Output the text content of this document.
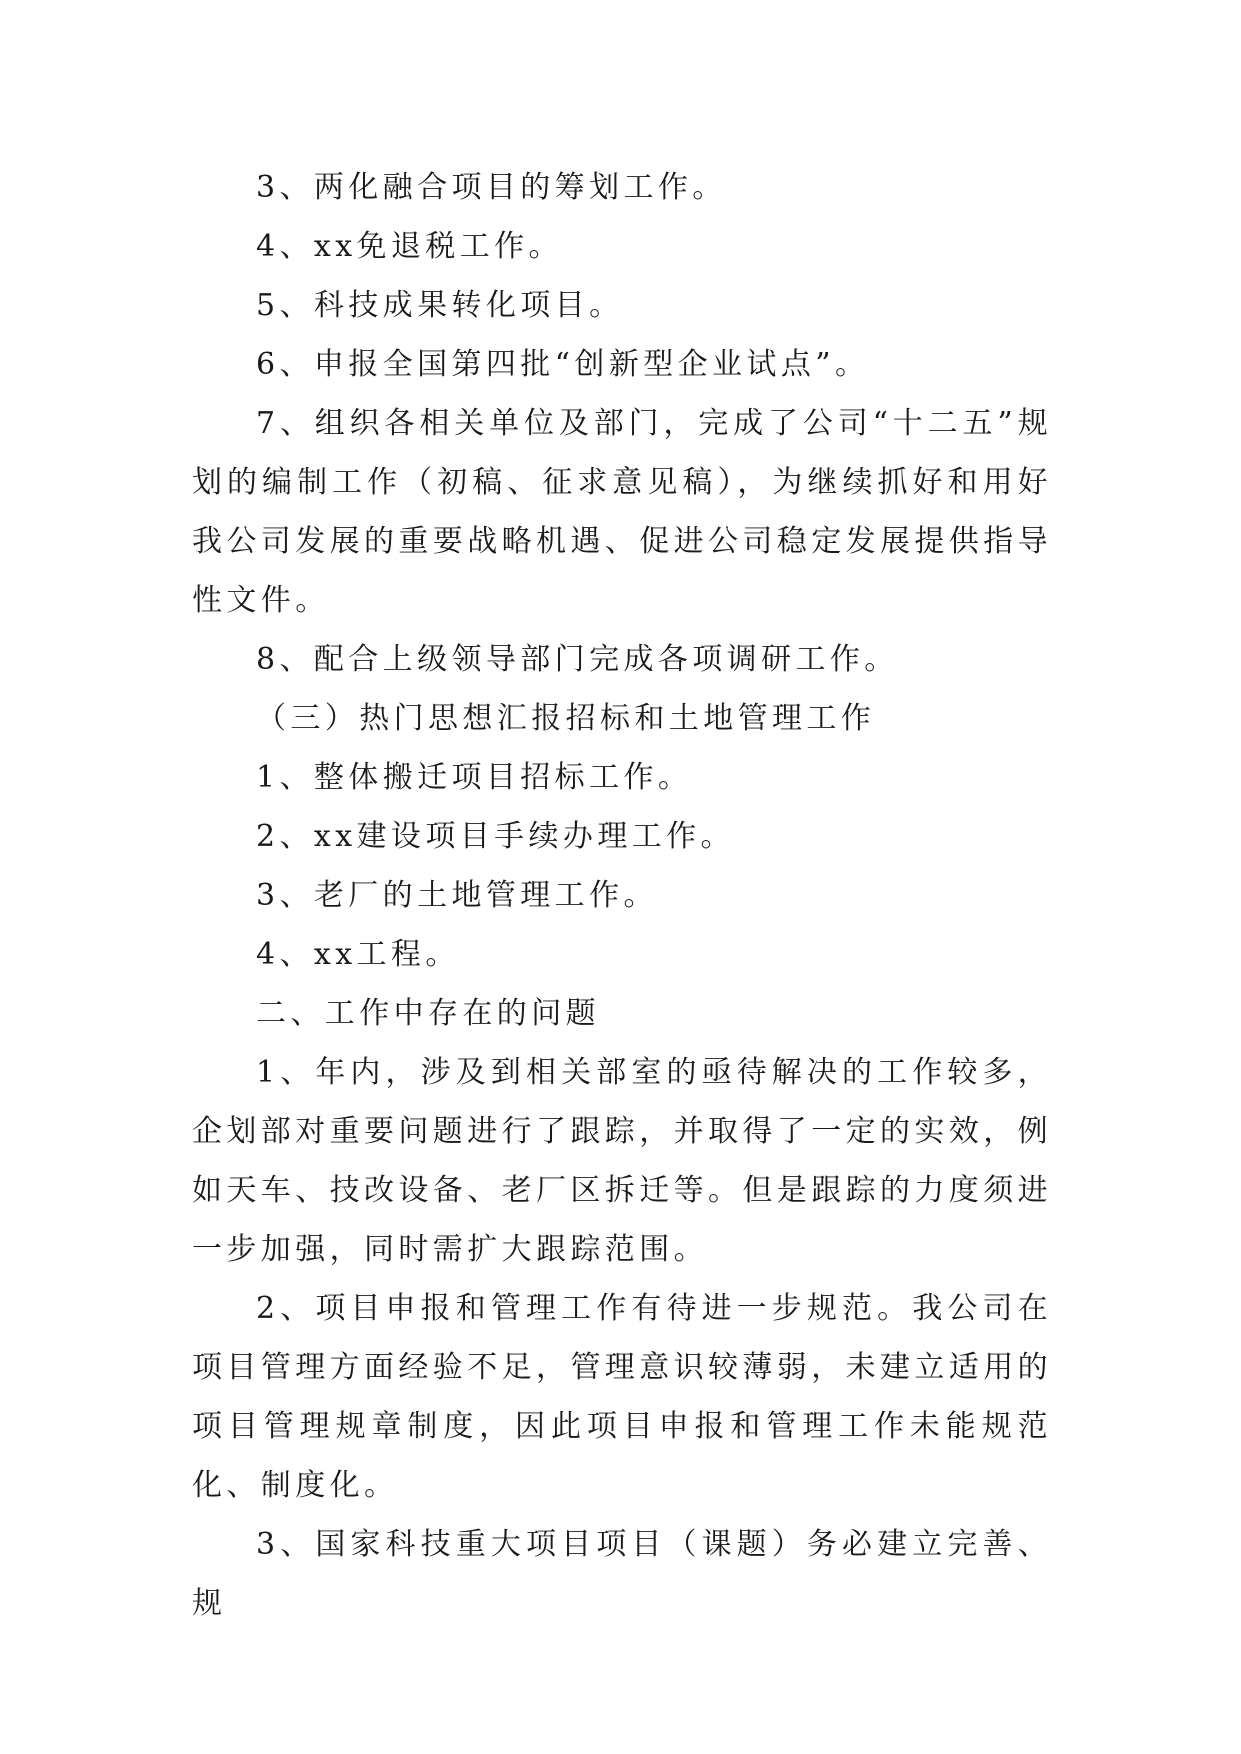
3、两化融合项目的筹划工作。

4、xx免退税工作。

5、科技成果转化项目。

6、申报全国第四批“创新型企业试点”。

7、组织各相关单位及部门，完成了公司“十二五”规划的编制工作（初稿、征求意见稿），为继续抓好和用好我公司发展的重要战略机遇、促进公司稳定发展提供指导性文件。

8、配合上级领导部门完成各项调研工作。

（三）热门思想汇报招标和土地管理工作

1、整体搬迁项目招标工作。

2、xx建设项目手续办理工作。

3、老厂的土地管理工作。

4、xx工程。

二、工作中存在的问题

1、年内，涉及到相关部室的亟待解决的工作较多，企划部对重要问题进行了跟踪，并取得了一定的实效，例如天车、技改设备、老厂区拆迁等。但是跟踪的力度须进一步加强，同时需扩大跟踪范围。

2、项目申报和管理工作有待进一步规范。我公司在项目管理方面经验不足，管理意识较薄弱，未建立适用的项目管理规章制度，因此项目申报和管理工作未能规范化、制度化。

3、国家科技重大项目项目（课题）务必建立完善、规
